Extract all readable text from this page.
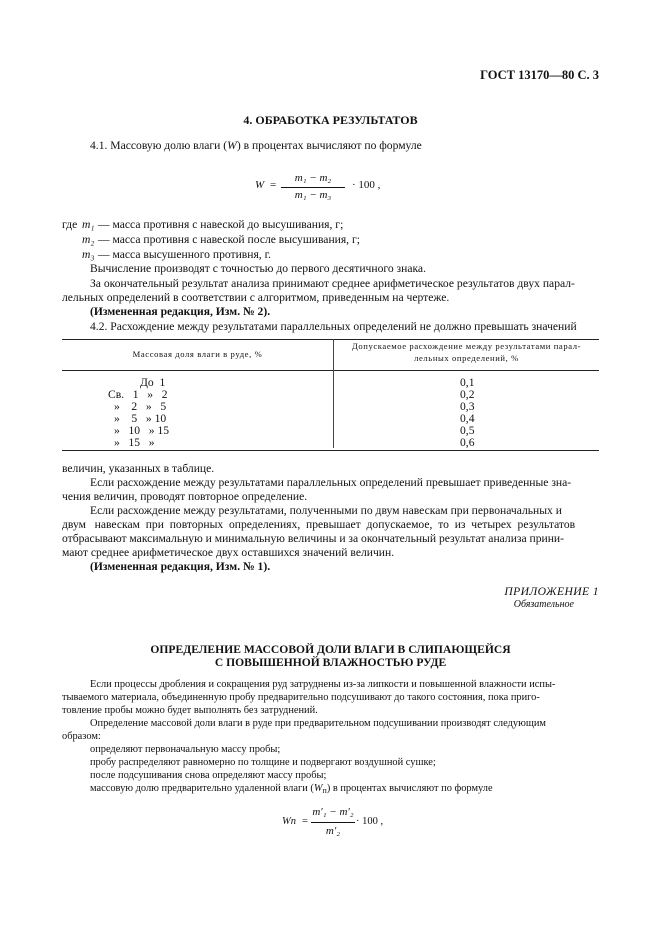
ГОСТ 13170—80 С. 3
4. ОБРАБОТКА РЕЗУЛЬТАТОВ
4.1. Массовую долю влаги (W) в процентах вычисляют по формуле
W =
m₁ − m₂
m₁ − m₃
· 100 ,
где m₁ — масса противня с навеской до высушивания, г;
m₂ — масса противня с навеской после высушивания, г;
m₃ — масса высушенного противня, г.
Вычисление производят с точностью до первого десятичного знака.
За окончательный результат анализа принимают среднее арифметическое результатов двух парал-
лельных определений в соответствии с алгоритмом, приведенным на чертеже.
(Измененная редакция, Изм. № 2).
4.2. Расхождение между результатами параллельных определений не должно превышать значений
Массовая доля влаги в руде, %
Допускаемое расхождение между результатами парал-
лельных определений, %
До  1	0,1
Св.   1   »   2	0,2
»    2   »   5	0,3
»    5   » 10	0,4
»   10   » 15	0,5
»   15   »	0,6
величин, указанных в таблице.
Если расхождение между результатами параллельных определений превышает приведенные зна-
чения величин, проводят повторное определение.
Если расхождение между результатами, полученными по двум навескам при первоначальных и
двум   навескам  при  повторных  определениях,  превышает  допускаемое,  то  из  четырех  результатов
отбрасывают максимальную и минимальную величины и за окончательный результат анализа прини-
мают среднее арифметическое двух оставшихся значений величин.
(Измененная редакция, Изм. № 1).
ПРИЛОЖЕНИЕ 1
Обязательное
ОПРЕДЕЛЕНИЕ МАССОВОЙ ДОЛИ ВЛАГИ В СЛИПАЮЩЕЙСЯ
С ПОВЫШЕННОЙ ВЛАЖНОСТЬЮ РУДЕ
Если процессы дробления и сокращения руд затруднены из-за липкости и повышенной влажности испы-
тываемого материала, объединенную пробу предварительно подсушивают до такого состояния, пока приго-
товление пробы можно будет выполнять без затруднений.
Определение массовой доли влаги в руде при предварительном подсушивании производят следующим
образом:
определяют первоначальную массу пробы;
пробу распределяют равномерно по толщине и подвергают воздушной сушке;
после подсушивания снова определяют массу пробы;
массовую долю предварительно удаленной влаги $(W_п)$ в процентах вычисляют по формуле
Wп =
m′₁ − m′₂
m′₂
· 100 ,
